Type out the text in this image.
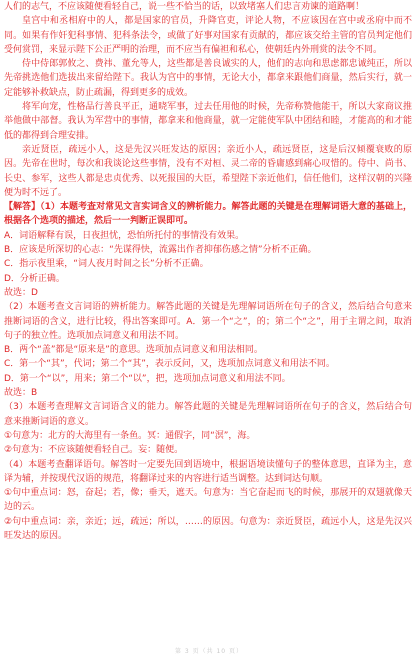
人们的志气，不应该随便看轻自己，说一些不恰当的话，以致堵塞人们忠言劝谏的道路啊！

皇宫中和丞相府中的人，都是国家的官员，升降官吏，评论人物，不应该因在宫中或丞府中而不同。如果有作奸犯科事情、犯科条法令，或做了好事对国家有贡献的，都应该交给主管的官员判定他们受何赏罚，来显示陛下公正严明的治理，而不应当有偏袒和私心，使朝廷内外刑赏的法令不同。

侍中侍郎郭攸之、费祎、董允等人，这些都是善良诚实的人，他们的志向和思虑都忠诚纯正，所以先帝挑选他们选拔出来留给陛下。我认为宫中的事情，无论大小，都拿来跟他们商量，然后实行，就一定能够补救缺点，防止疏漏，得到更多的成效。

将军向宠，性格品行善良平正，通晓军事，过去任用他的时候，先帝称赞他能干，所以大家商议推举他做中部督。我认为军营中的事情，都拿来和他商量，就一定能使军队中团结和睦，才能高的和才能低的都得到合理安排。

亲近贤臣，疏远小人，这是先汉兴旺发达的原因；亲近小人，疏远贤臣，这是后汉倾覆衰败的原因。先帝在世时，每次和我谈论这些事情，没有不对桓、灵二帝的昏庸感到痛心叹惜的。侍中、尚书、长史、参军，这些人都是忠贞优秀、以死报国的大臣，希望陛下亲近他们，信任他们，这样汉朝的兴隆便为时不远了。

【解答】（1）本题考查对常见文言实词含义的辨析能力。解答此题的关键是在理解词语大意的基础上，根据各个选项的描述，然后一一判断正误即可。

A．词语解释有误，日夜担忧，恐怕所托付的事情没有效果。

B．应该是所深切的心志：“先谋得快，流露出作者抑郁伤感之情”分析不正确。

C．指示夜里乘，“词人夜月时间之长”分析不正确。

D．分析正确。

故选：D

（2）本题考查文言词语的辨析能力。解答此题的关键是先理解词语所在句子的含义，然后结合句意来推断词语的含义，进行比较，得出答案即可。A．第一个“之”，的；第二个“之”，用于主谓之间，取消句子的独立性。选项加点词意义和用法不同。

B．两个“盖”都是“原来是”的意思。选项加点词意义和用法相同。

C．第一个“其”，代词；第二个“其”，表示反问，又，选项加点词意义和用法不同。

D．第一个“以”，用来；第二个“以”，把，选项加点词意义和用法不同。

故选：B

（3）本题考查理解文言词语含义的能力。解答此题的关键是先理解词语所在句子的含义，然后结合句意来推断词语的意义。

①句意为：北方的大海里有一条鱼。冥：通假字，同“溟”，海。

②句意为：不应该随便看轻自己。妄：随便。

（4）本题考查翻译语句。解答时一定要先回到语境中，根据语境读懂句子的整体意思，直译为主，意译为辅，并按现代汉语的规范，将翻译过来的内容进行适当调整。达到词达句顺。

①句中重点词：怒，奋起；若，像；垂天，遮天。句意为：当它奋起而飞的时候，那展开的双翅就像天边的云。

②句中重点词：亲，亲近；远，疏远；所以，……的原因。句意为：亲近贤臣，疏远小人，这是先汉兴旺发达的原因。

第 3 页（共 10 页）
